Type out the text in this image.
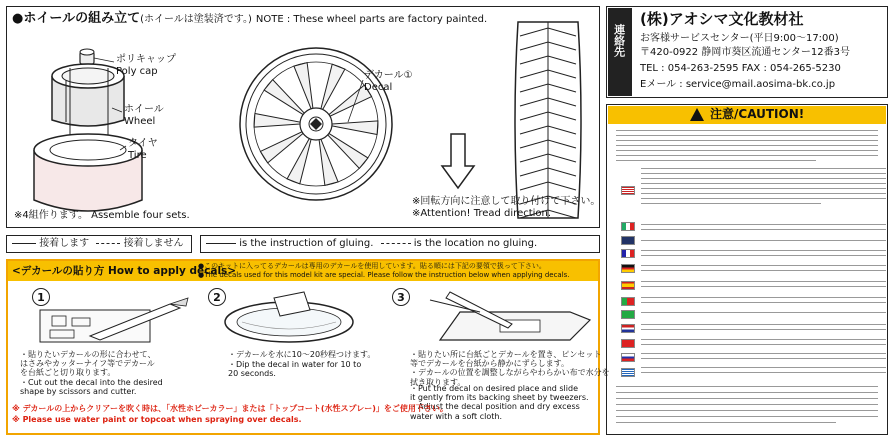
●ホイールの組み立て(ホイールは塗装済です。) NOTE : These wheel parts are factory painted.
ポリキャップ
Poly cap
ホイール
Wheel
タイヤ
Tire
※4組作ります。 Assemble four sets.
デカール①
Decal
※回転方向に注意して取り付けて下さい。
※Attention! Tread direction.
接着します	接着しません	is the instruction of gluing.	is the location no gluing.
<デカールの貼り方 How to apply decals>
●このキットに入ってるデカールは専用のデカールを使用しています。貼る順には下記の要領で扱って下さい。
●The decals used for this model kit are special. Please follow the instruction below when applying decals.
1
・貼りたいデカールの形に合わせて、
はさみやカッターナイフ等でデカール
を台紙ごと切り取ります。
・Cut out the decal into the desired
shape by scissors and cutter.
2
・デカールを水に10〜20秒程つけます。
・Dip the decal in water for 10 to
20 seconds.
3
・貼りたい所に台紙ごとデカールを置き、ピンセット
等でデカールを台紙から静かにずらします。
・デカールの位置を調整しながらやわらかい布で水分を
拭き取ります。
・Put the decal on desired place and slide
it gently from its backing sheet by tweezers.
・Adjust the decal position and dry excess
water with a soft cloth.
※ デカールの上からクリアーを吹く時は、「水性ホビーカラー」または「トップコート(水性スプレー)」をご使用下さい。
※ Please use water paint or topcoat when spraying over decals.
連絡先
(株)アオシマ文化教材社
お客様サービスセンター(平日9:00〜17:00)
〒420-0922 静岡市葵区流通センター12番3号
TEL : 054-263-2595 FAX : 054-265-5230
Eメール : service@mail.aosima-bk.co.jp
注意/CAUTION!
